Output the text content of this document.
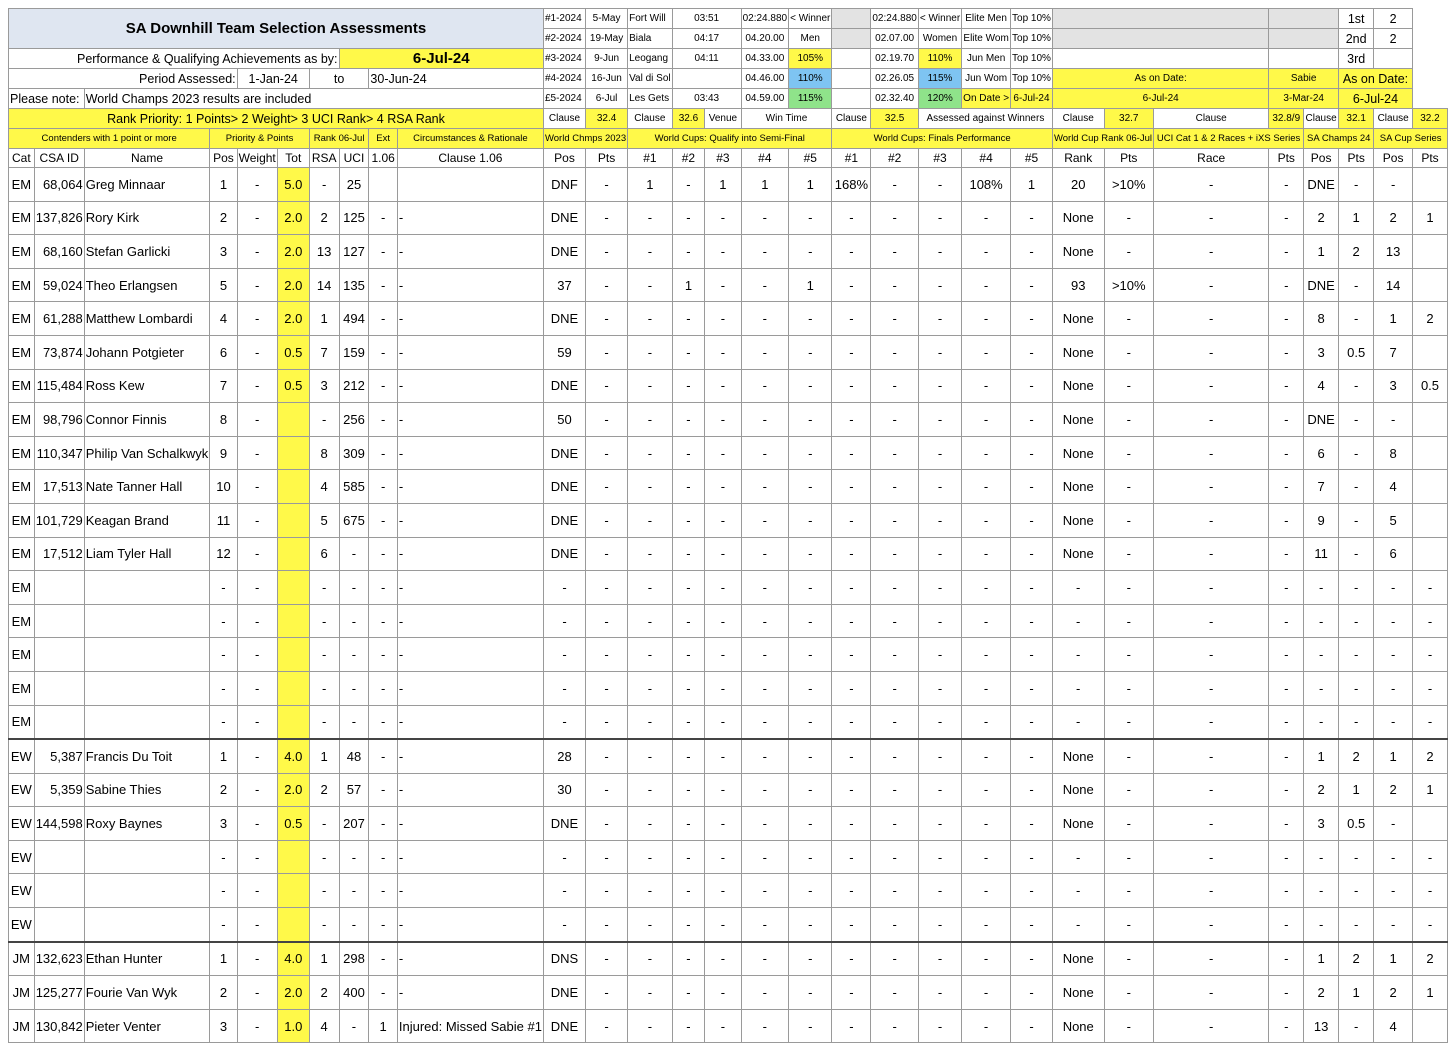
SA Downhill Team Selection Assessments										#1-2024	5-May	Fort Will	03:51		02:24.880	< Winner		02:24.880	< Winner	Elite Men	Top 10%						1st	2	
										#2-2024	19-May	Biala	04:17		04.20.00	Men		02.07.00	Women	Elite Wom	Top 10%						2nd	2	
Performance & Qualifying Achievements as by:							6-Jul-24			#3-2024	9-Jun	Leogang	04:11		04.33.00	105%		02.19.70	110%	Jun Men	Top 10%						3rd		
Period Assessed:				1-Jan-24		to		30-Jun-24		#4-2024	16-Jun	Val di Sol			04.46.00	110%		02.26.05	115%	Jun Wom	Top 10%	As on Date:			Sabie		As on Date:		
Please note:		World Champs 2023 results are included								£5-2024	6-Jul	Les Gets	03:43		04.59.00	115%		02.32.40	120%	On Date >	6-Jul-24	6-Jul-24			3-Mar-24		6-Jul-24		
Rank Priority: 1 Points> 2 Weight> 3 UCI Rank> 4 RSA Rank										Clause	32.4	Clause	32.6	Venue	Win Time		Clause	32.5	Assessed against Winners			Clause	32.7	Clause	32.8/9	Clause	32.1	Clause	32.2
Contenders with 1 point or more			Priority & Points			Rank 06-Jul		Ext	Circumstances & Rationale	World Chmps 2023		World Cups: Qualify into Semi-Final					World Cups: Finals Performance					World Cup Rank 06-Jul		UCI Cat 1 & 2 Races + iXS Series		SA Champs 24		SA Cup Series	
Cat	CSA ID	Name	Pos	Weight	Tot	RSA	UCI	1.06	Clause 1.06	Pos	Pts	#1	#2	#3	#4	#5	#1	#2	#3	#4	#5	Rank	Pts	Race	Pts	Pos	Pts	Pos	Pts
EM	68,064	Greg Minnaar	1	-	5.0	-	25			DNF	-	1	-	1	1	1	168%	-	-	108%	1	20	>10%	-	-	DNE	-	-	
EM	137,826	Rory Kirk	2	-	2.0	2	125	-	-	DNE	-	-	-	-	-	-	-	-	-	-	-	None	-	-	-	2	1	2	1
EM	68,160	Stefan Garlicki	3	-	2.0	13	127	-	-	DNE	-	-	-	-	-	-	-	-	-	-	-	None	-	-	-	1	2	13	
EM	59,024	Theo Erlangsen	5	-	2.0	14	135	-	-	37	-	-	1	-	-	1	-	-	-	-	-	93	>10%	-	-	DNE	-	14	
EM	61,288	Matthew Lombardi	4	-	2.0	1	494	-	-	DNE	-	-	-	-	-	-	-	-	-	-	-	None	-	-	-	8	-	1	2
EM	73,874	Johann Potgieter	6	-	0.5	7	159	-	-	59	-	-	-	-	-	-	-	-	-	-	-	None	-	-	-	3	0.5	7	
EM	115,484	Ross Kew	7	-	0.5	3	212	-	-	DNE	-	-	-	-	-	-	-	-	-	-	-	None	-	-	-	4	-	3	0.5
EM	98,796	Connor Finnis	8	-		-	256	-	-	50	-	-	-	-	-	-	-	-	-	-	-	None	-	-	-	DNE	-	-	
EM	110,347	Philip Van Schalkwyk	9	-		8	309	-	-	DNE	-	-	-	-	-	-	-	-	-	-	-	None	-	-	-	6	-	8	
EM	17,513	Nate Tanner Hall	10	-		4	585	-	-	DNE	-	-	-	-	-	-	-	-	-	-	-	None	-	-	-	7	-	4	
EM	101,729	Keagan Brand	11	-		5	675	-	-	DNE	-	-	-	-	-	-	-	-	-	-	-	None	-	-	-	9	-	5	
EM	17,512	Liam Tyler Hall	12	-		6	-	-	-	DNE	-	-	-	-	-	-	-	-	-	-	-	None	-	-	-	11	-	6	
EM			-	-		-	-	-	-	-	-	-	-	-	-	-	-	-	-	-	-	-	-	-	-	-	-	-	-
EM			-	-		-	-	-	-	-	-	-	-	-	-	-	-	-	-	-	-	-	-	-	-	-	-	-	-
EM			-	-		-	-	-	-	-	-	-	-	-	-	-	-	-	-	-	-	-	-	-	-	-	-	-	-
EM			-	-		-	-	-	-	-	-	-	-	-	-	-	-	-	-	-	-	-	-	-	-	-	-	-	-
EM			-	-		-	-	-	-	-	-	-	-	-	-	-	-	-	-	-	-	-	-	-	-	-	-	-	-
EW	5,387	Francis Du Toit	1	-	4.0	1	48	-	-	28	-	-	-	-	-	-	-	-	-	-	-	None	-	-	-	1	2	1	2
EW	5,359	Sabine Thies	2	-	2.0	2	57	-	-	30	-	-	-	-	-	-	-	-	-	-	-	None	-	-	-	2	1	2	1
EW	144,598	Roxy Baynes	3	-	0.5	-	207	-	-	DNE	-	-	-	-	-	-	-	-	-	-	-	None	-	-	-	3	0.5	-	
EW			-	-		-	-	-	-	-	-	-	-	-	-	-	-	-	-	-	-	-	-	-	-	-	-	-	-
EW			-	-		-	-	-	-	-	-	-	-	-	-	-	-	-	-	-	-	-	-	-	-	-	-	-	-
EW			-	-		-	-	-	-	-	-	-	-	-	-	-	-	-	-	-	-	-	-	-	-	-	-	-	-
JM	132,623	Ethan Hunter	1	-	4.0	1	298	-	-	DNS	-	-	-	-	-	-	-	-	-	-	-	None	-	-	-	1	2	1	2
JM	125,277	Fourie Van Wyk	2	-	2.0	2	400	-	-	DNE	-	-	-	-	-	-	-	-	-	-	-	None	-	-	-	2	1	2	1
JM	130,842	Pieter Venter	3	-	1.0	4	-	1	Injured: Missed Sabie #1	DNE	-	-	-	-	-	-	-	-	-	-	-	None	-	-	-	13	-	4	
